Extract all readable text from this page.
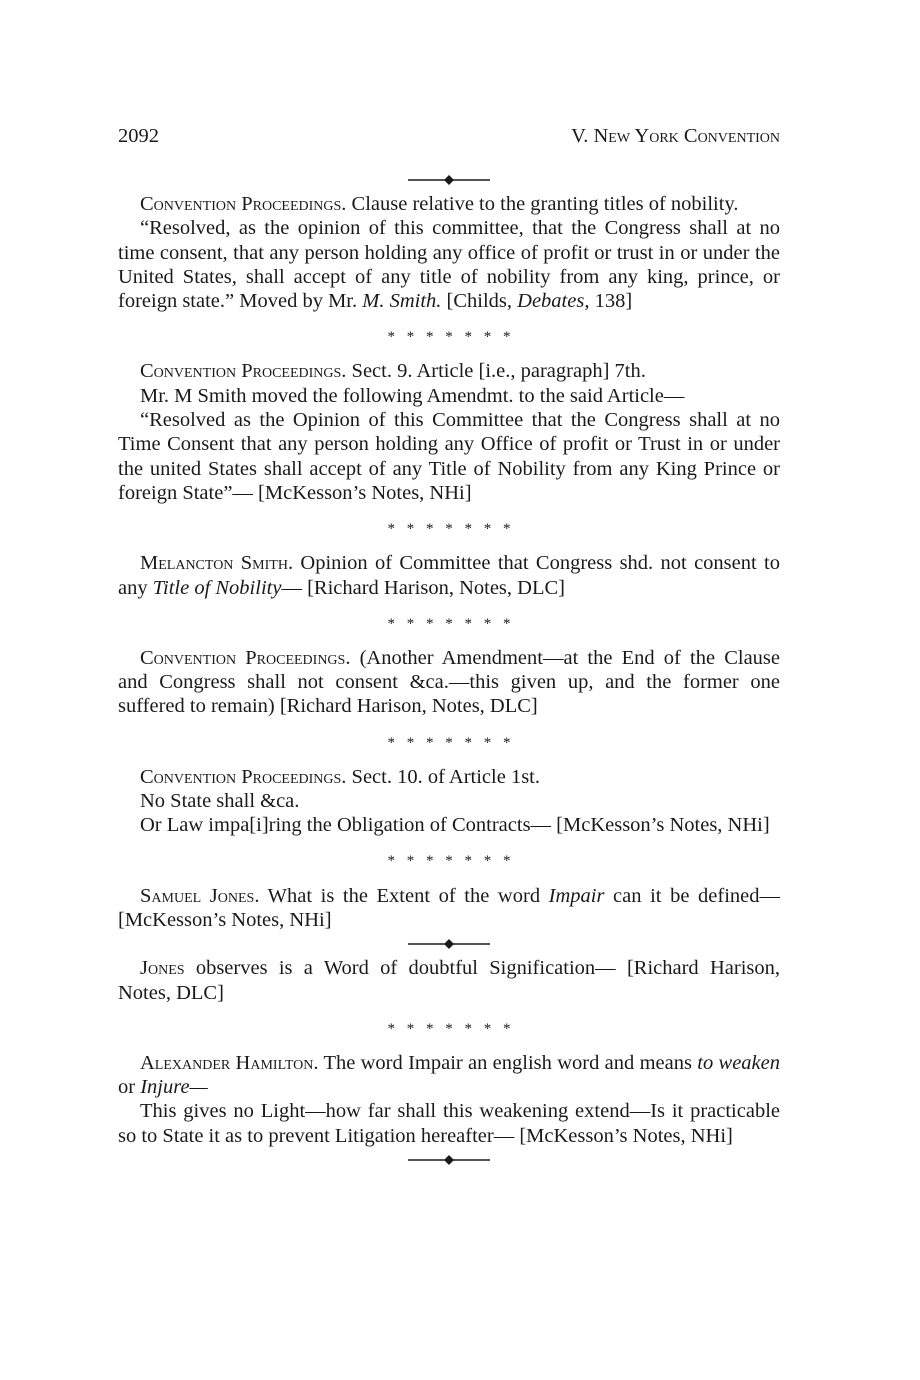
2092	V. New York Convention

Convention Proceedings. Clause relative to the granting titles of nobility.

“Resolved, as the opinion of this committee, that the Congress shall at no time consent, that any person holding any office of profit or trust in or under the United States, shall accept of any title of nobility from any king, prince, or foreign state.” Moved by Mr. M. Smith. [Childs, Debates, 138]

* * * * * * *

Convention Proceedings. Sect. 9. Article [i.e., paragraph] 7th.

Mr. M Smith moved the following Amendmt. to the said Article—

“Resolved as the Opinion of this Committee that the Congress shall at no Time Consent that any person holding any Office of profit or Trust in or under the united States shall accept of any Title of Nobility from any King Prince or foreign State”— [McKesson’s Notes, NHi]

* * * * * * *

Melancton Smith. Opinion of Committee that Congress shd. not consent to any Title of Nobility— [Richard Harison, Notes, DLC]

* * * * * * *

Convention Proceedings. (Another Amendment—at the End of the Clause and Congress shall not consent &ca.—this given up, and the former one suffered to remain) [Richard Harison, Notes, DLC]

* * * * * * *

Convention Proceedings. Sect. 10. of Article 1st.

No State shall &ca.

Or Law impa[i]ring the Obligation of Contracts— [McKesson’s Notes, NHi]

* * * * * * *

Samuel Jones. What is the Extent of the word Impair can it be defined— [McKesson’s Notes, NHi]

Jones observes is a Word of doubtful Signification— [Richard Harison, Notes, DLC]

* * * * * * *

Alexander Hamilton. The word Impair an english word and means to weaken or Injure—

This gives no Light—how far shall this weakening extend—Is it practicable so to State it as to prevent Litigation hereafter— [McKesson’s Notes, NHi]
